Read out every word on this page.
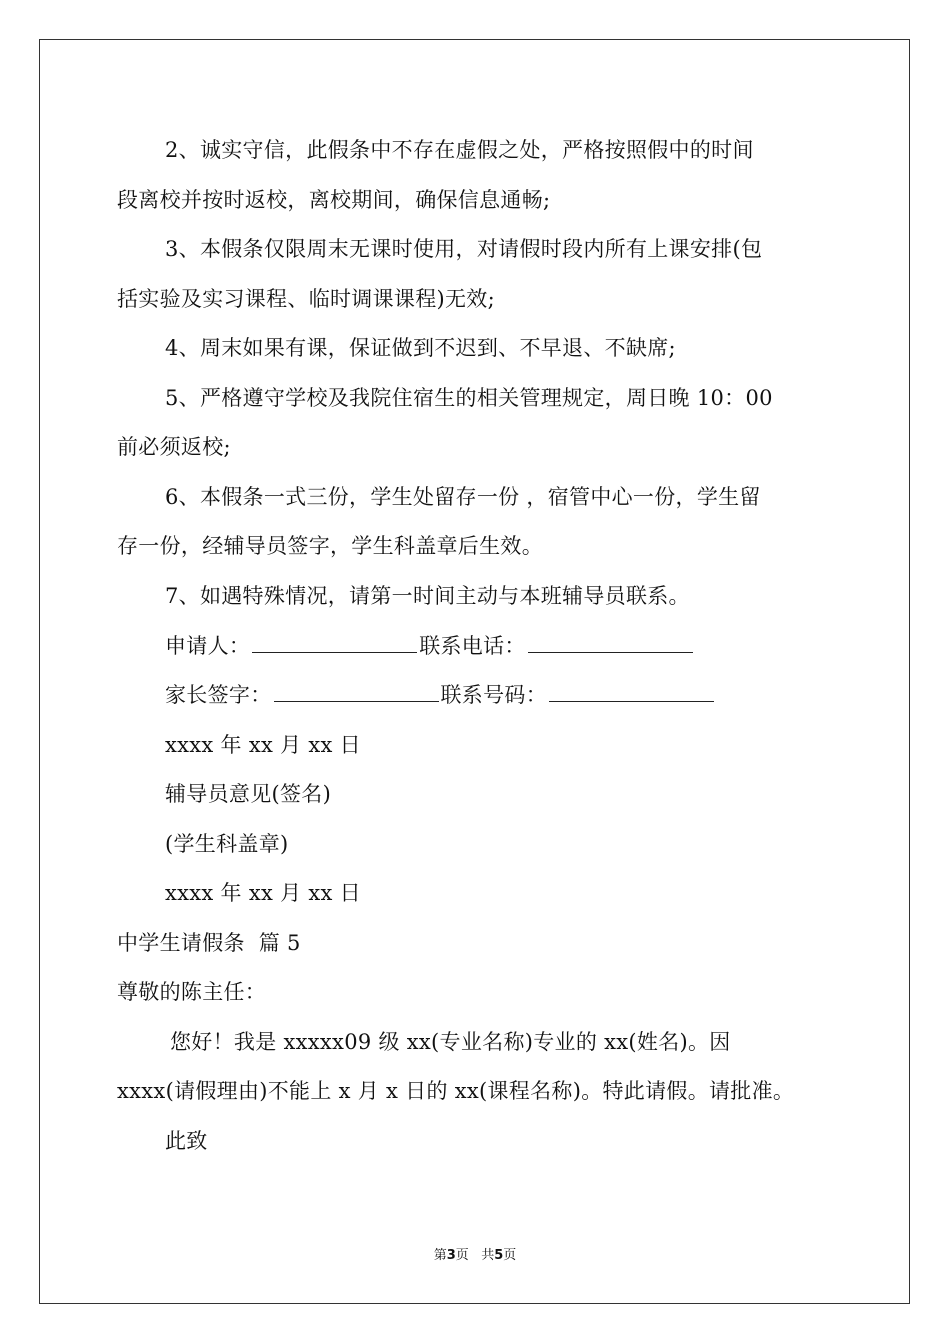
2、诚实守信，此假条中不存在虚假之处，严格按照假中的时间
段离校并按时返校，离校期间，确保信息通畅;
3、本假条仅限周末无课时使用，对请假时段内所有上课安排(包
括实验及实习课程、临时调课课程)无效;
4、周末如果有课，保证做到不迟到、不早退、不缺席;
5、严格遵守学校及我院住宿生的相关管理规定，周日晚 10：00
前必须返校;
6、本假条一式三份，学生处留存一份 ，宿管中心一份，学生留
存一份，经辅导员签字，学生科盖章后生效。
7、如遇特殊情况，请第一时间主动与本班辅导员联系。
申请人：	联系电话：
家长签字：	联系号码：
xxxx 年 xx 月 xx 日
辅导员意见(签名)
(学生科盖章)
xxxx 年 xx 月 xx 日
中学生请假条  篇 5
尊敬的陈主任：
您好！我是 xxxxx09 级 xx(专业名称)专业的 xx(姓名)。因
xxxx(请假理由)不能上 x 月 x 日的 xx(课程名称)。特此请假。请批准。
此致
第3页   共5页
